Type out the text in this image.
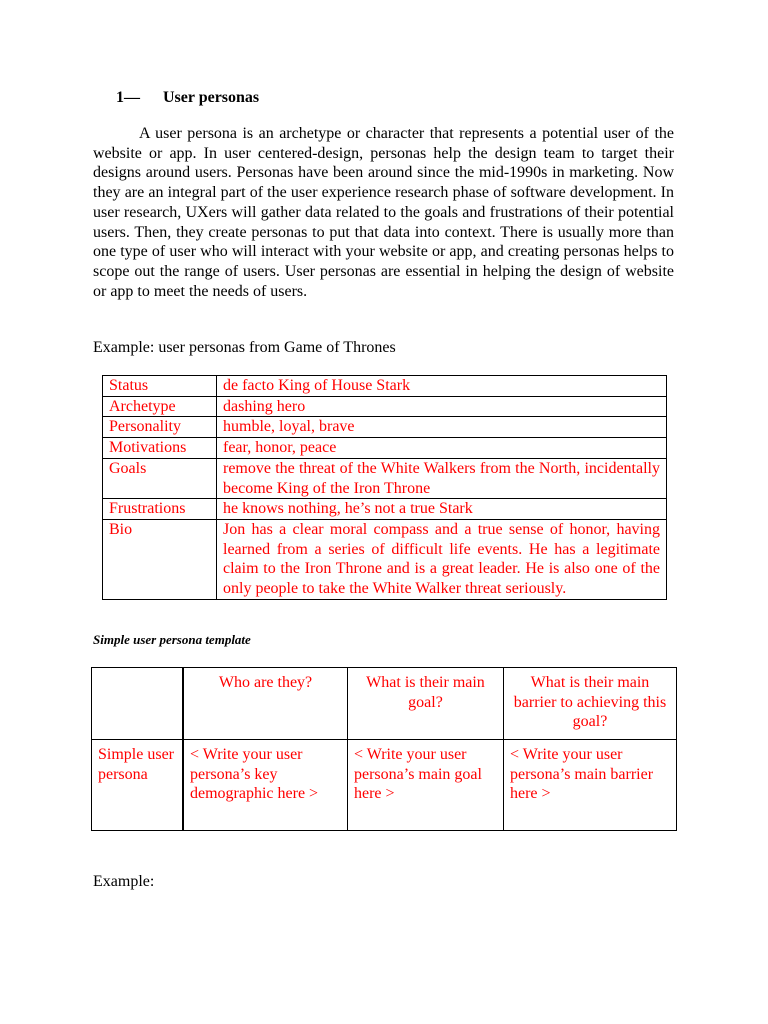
1— User personas

A user persona is an archetype or character that represents a potential user of the website or app. In user centered-design, personas help the design team to target their designs around users. Personas have been around since the mid-1990s in marketing. Now they are an integral part of the user experience research phase of software development. In user research, UXers will gather data related to the goals and frustrations of their potential users. Then, they create personas to put that data into context. There is usually more than one type of user who will interact with your website or app, and creating personas helps to scope out the range of users. User personas are essential in helping the design of website or app to meet the needs of users.

Example: user personas from Game of Thrones

Status	de facto King of House Stark
Archetype	dashing hero
Personality	humble, loyal, brave
Motivations	fear, honor, peace
Goals	remove the threat of the White Walkers from the North, incidentally become King of the Iron Throne
Frustrations	he knows nothing, he’s not a true Stark
Bio	Jon has a clear moral compass and a true sense of honor, having learned from a series of difficult life events. He has a legitimate claim to the Iron Throne and is a great leader. He is also one of the only people to take the White Walker threat seriously.

Simple user persona template

	Who are they?	What is their main goal?	What is their main barrier to achieving this goal?
Simple user persona	< Write your user persona’s key demographic here >	< Write your user persona’s main goal here >	< Write your user persona’s main barrier here >

Example:
